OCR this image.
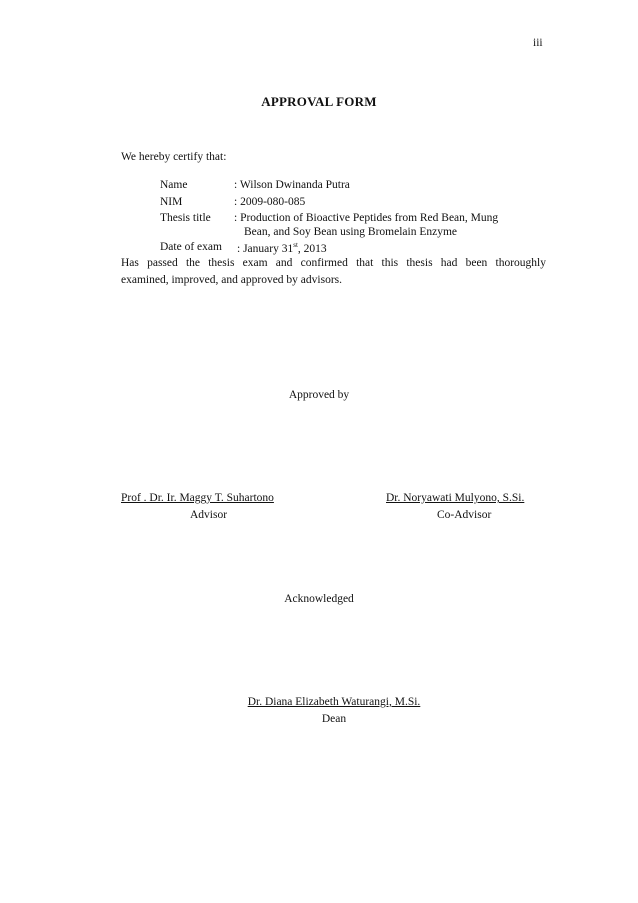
iii
APPROVAL FORM
We hereby certify that:
Name	: Wilson Dwinanda Putra
NIM	: 2009-080-085
Thesis title : Production of Bioactive Peptides from Red Bean, Mung
Bean, and Soy Bean using Bromelain Enzyme
Date of exam : January 31st, 2013
Has passed the thesis exam and confirmed that this thesis had been thoroughly
examined, improved, and approved by advisors.
Approved by
Prof . Dr. Ir. Maggy T. Suhartono
Advisor
Dr. Noryawati Mulyono, S.Si.
Co-Advisor
Acknowledged
Dr. Diana Elizabeth Waturangi, M.Si.
Dean
